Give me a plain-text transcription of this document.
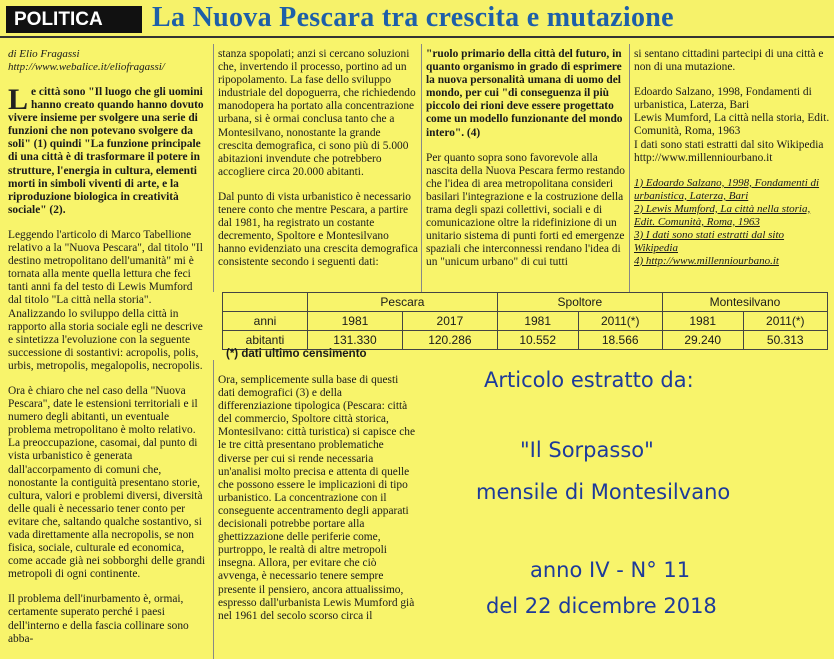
POLITICA	La Nuova Pescara tra crescita e mutazione
di Elio Fragassi
http://www.webalice.it/eliofragassi/

Le città sono "Il luogo che gli uomini hanno creato quando hanno dovuto vivere insieme per svolgere una serie di funzioni che non potevano svolgere da soli" (1) quindi "La funzione principale di una città è di trasformare il potere in strutture, l'energia in cultura, elementi morti in simboli viventi di arte, e la riproduzione biologica in creatività sociale" (2).

Leggendo l'articolo di Marco Tabellione relativo a la "Nuova Pescara", dal titolo "Il destino metropolitano dell'umanità" mi è tornata alla mente quella lettura che feci tanti anni fa del testo di Lewis Mumford dal titolo "La città nella storia". Analizzando lo sviluppo della città in rapporto alla storia sociale egli ne descrive e sintetizza l'evoluzione con la seguente successione di sostantivi: acropolis, polis, urbis, metropolis, megalopolis, necropolis.

Ora è chiaro che nel caso della "Nuova Pescara", date le estensioni territoriali e il numero degli abitanti, un eventuale problema metropolitano è molto relativo. La preoccupazione, casomai, dal punto di vista urbanistico è generata dall'accorpamento di comuni che, nonostante la contiguità presentano storie, cultura, valori e problemi diversi, diversità delle quali è necessario tener conto per evitare che, saltando qualche sostantivo, si vada direttamente alla necropolis, se non fisica, sociale, culturale ed economica, come accade già nei sobborghi delle grandi metropoli di ogni continente.

Il problema dell'inurbamento è, ormai, certamente superato perché i paesi dell'interno e della fascia collinare sono abba-

stanza spopolati; anzi si cercano soluzioni che, invertendo il processo, portino ad un ripopolamento. La fase dello sviluppo industriale del dopoguerra, che richiedendo manodopera ha portato alla concentrazione urbana, si è ormai conclusa tanto che a Montesilvano, nonostante la grande crescita demografica, ci sono più di 5.000 abitazioni invendute che potrebbero accogliere circa 20.000 abitanti.

Dal punto di vista urbanistico è necessario tenere conto che mentre Pescara, a partire dal 1981, ha registrato un costante decremento, Spoltore e Montesilvano hanno evidenziato una crescita demografica consistente secondo i seguenti dati:

"ruolo primario della città del futuro, in quanto organismo in grado di esprimere la nuova personalità umana di uomo del mondo, per cui "di conseguenza il più piccolo dei rioni deve essere progettato come un modello funzionante del mondo intero". (4)

Per quanto sopra sono favorevole alla nascita della Nuova Pescara fermo restando che l'idea di area metropolitana consideri basilari l'integrazione e la costruzione della trama degli spazi collettivi, sociali e di comunicazione oltre la ridefinizione di un unitario sistema di punti forti ed emergenze spaziali che interconnessi rendano l'idea di un "unicum urbano" di cui tutti

si sentano cittadini partecipi di una città e non di una mutazione.

Edoardo Salzano, 1998, Fondamenti di urbanistica, Laterza, Bari
Lewis Mumford, La città nella storia, Edit. Comunità, Roma, 1963
I dati sono stati estratti dal sito Wikipedia
http://www.millenniourbano.it

1) Edoardo Salzano, 1998, Fondamenti di urbanistica, Laterza, Bari
2) Lewis Mumford, La città nella storia, Edit. Comunità, Roma, 1963
3) I dati sono stati estratti dal sito Wikipedia
4) http://www.millenniourbano.it
	Pescara		Spoltore		Montesilvano	
anni	1981	2017	1981	2011(*)	1981	2011(*)
abitanti	131.330	120.286	10.552	18.566	29.240	50.313
(*) dati ultimo censimento

Ora, semplicemente sulla base di questi dati demografici (3) e della differenziazione tipologica (Pescara: città del commercio, Spoltore città storica, Montesilvano: città turistica) si capisce che le tre città presentano problematiche diverse per cui si rende necessaria un'analisi molto precisa e attenta di quelle che possono essere le implicazioni di tipo urbanistico. La concentrazione con il conseguente accentramento degli apparati decisionali potrebbe portare alla ghettizzazione delle periferie come, purtroppo, le realtà di altre metropoli insegna. Allora, per evitare che ciò avvenga, è necessario tenere sempre presente il pensiero, ancora attualissimo, espresso dall'urbanista Lewis Mumford già nel 1961 del secolo scorso circa il

Articolo estratto da:
"Il Sorpasso"
mensile di Montesilvano
anno IV - N° 11
del 22 dicembre 2018
